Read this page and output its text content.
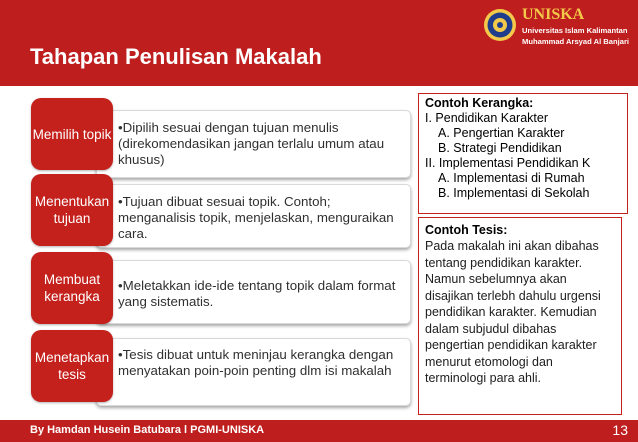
Tahapan Penulisan Makalah
UNISKA
Universitas Islam Kalimantan
Muhammad Arsyad Al Banjari
•Dipilih sesuai dengan tujuan menulis (direkomendasikan jangan terlalu umum atau khusus)
Memilih topik
•Tujuan dibuat sesuai topik. Contoh; menganalisis topik, menjelaskan, menguraikan cara.
Menentukan tujuan
•Meletakkan ide-ide tentang topik dalam format yang sistematis.
Membuat kerangka
•Tesis dibuat untuk meninjau kerangka dengan menyatakan poin-poin penting dlm isi makalah
Menetapkan tesis
Contoh Kerangka:
I. Pendidikan Karakter
A. Pengertian Karakter
B. Strategi Pendidikan
II. Implementasi Pendidikan K
A. Implementasi di Rumah
B. Implementasi di Sekolah
Contoh Tesis:
Pada makalah ini akan dibahas tentang pendidikan karakter. Namun sebelumnya akan disajikan terlebh dahulu urgensi pendidikan karakter. Kemudian dalam subjudul dibahas pengertian pendidikan karakter menurut etomologi dan terminologi para ahli.
By Hamdan Husein Batubara l PGMI-UNISKA	13
